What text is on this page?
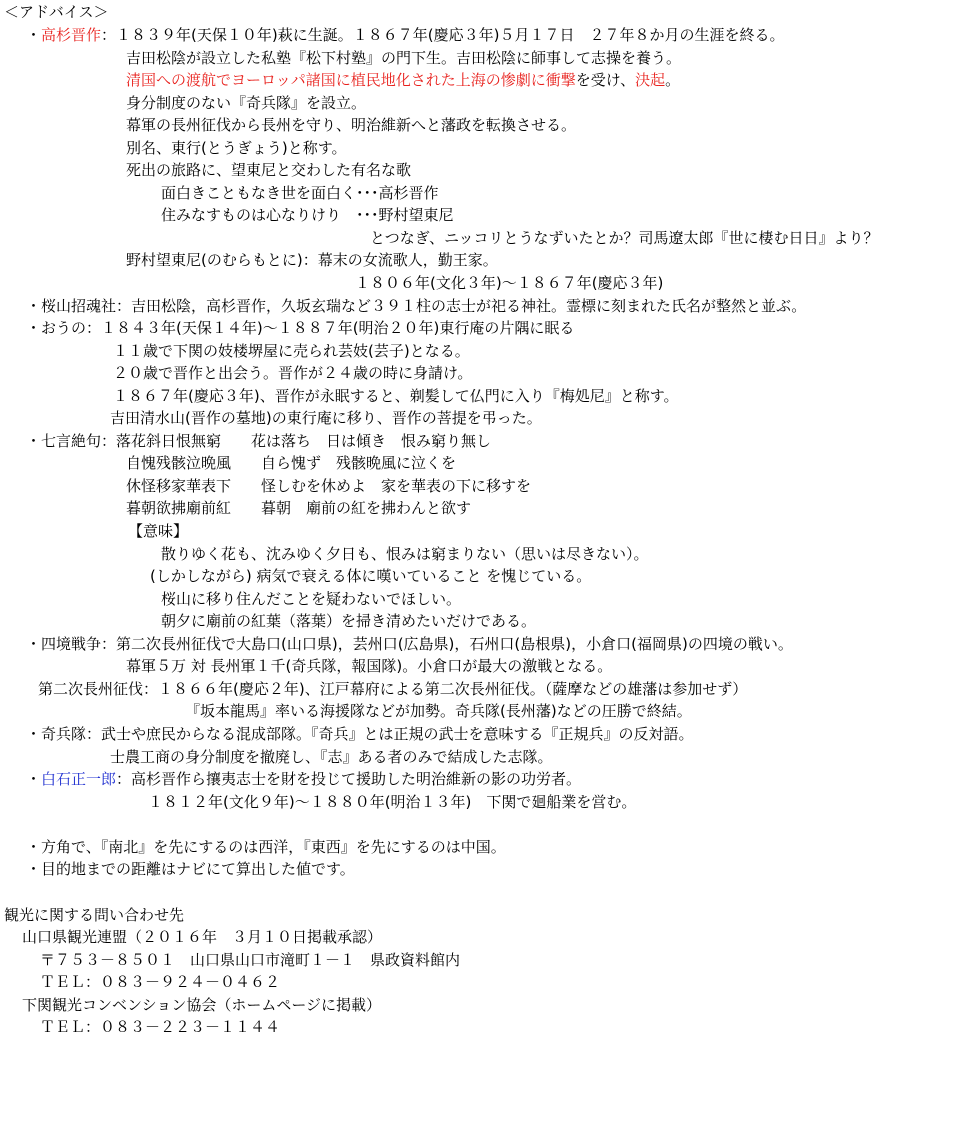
＜アドバイス＞
・高杉晋作：１８３９年(天保１０年)萩に生誕。１８６７年(慶応３年)５月１７日　２７年８か月の生涯を終る。
吉田松陰が設立した私塾『松下村塾』の門下生。吉田松陰に師事して志操を養う。
清国への渡航でヨーロッパ諸国に植民地化された上海の惨劇に衝撃を受け、決起。
身分制度のない『奇兵隊』を設立。
幕軍の長州征伐から長州を守り、明治維新へと藩政を転換させる。
別名、東行(とうぎょう)と称す。
死出の旅路に、望東尼と交わした有名な歌
面白きこともなき世を面白く･･･高杉晋作
住みなすものは心なりけり　･･･野村望東尼
とつなぎ、ニッコリとうなずいたとか？司馬遼太郎『世に棲む日日』より？
野村望東尼(のむらもとに)：幕末の女流歌人，勤王家。
１８０６年(文化３年)～１８６７年(慶応３年)
・桜山招魂社：吉田松陰，高杉晋作，久坂玄瑞など３９１柱の志士が祀る神社。霊標に刻まれた氏名が整然と並ぶ。
・おうの：１８４３年(天保１４年)～１８８７年(明治２０年)東行庵の片隅に眠る
１１歳で下関の妓楼堺屋に売られ芸妓(芸子)となる。
２０歳で晋作と出会う。晋作が２４歳の時に身請け。
１８６７年(慶応３年)、晋作が永眠すると、剃髪して仏門に入り『梅処尼』と称す。
吉田清水山(晋作の墓地)の東行庵に移り、晋作の菩提を弔った。
・七言絶句：落花斜日恨無窮　　花は落ち　日は傾き　恨み窮り無し
自愧残骸泣晩風　　自ら愧ず　残骸晩風に泣くを
休怪移家華表下　　怪しむを休めよ　家を華表の下に移すを
暮朝欲拂廟前紅　　暮朝　廟前の紅を拂わんと欲す
【意味】
散りゆく花も、沈みゆく夕日も、恨みは窮まりない（思いは尽きない）。
(しかしながら) 病気で衰える体に嘆いていること を愧じている。
桜山に移り住んだことを疑わないでほしい。
朝夕に廟前の紅葉（落葉）を掃き清めたいだけである。
・四境戦争：第二次長州征伐で大島口(山口県)，芸州口(広島県)，石州口(島根県)，小倉口(福岡県)の四境の戦い。
幕軍５万 対 長州軍１千(奇兵隊，報国隊)。小倉口が最大の激戦となる。
第二次長州征伐：１８６６年(慶応２年)、江戸幕府による第二次長州征伐。（薩摩などの雄藩は参加せず）
『坂本龍馬』率いる海援隊などが加勢。奇兵隊(長州藩)などの圧勝で終結。
・奇兵隊：武士や庶民からなる混成部隊。『奇兵』とは正規の武士を意味する『正規兵』の反対語。
士農工商の身分制度を撤廃し、『志』ある者のみで結成した志隊。
・白石正一郎：高杉晋作ら攘夷志士を財を投じて援助した明治維新の影の功労者。
１８１２年(文化９年)～１８８０年(明治１３年)　下関で廻船業を営む。
・方角で、『南北』を先にするのは西洋，『東西』を先にするのは中国。
・目的地までの距離はナビにて算出した値です。
観光に関する問い合わせ先
山口県観光連盟（２０１６年　３月１０日掲載承認）
〒７５３－８５０１　山口県山口市滝町１－１　県政資料館内
ＴＥＬ：０８３－９２４－０４６２
下関観光コンベンション協会（ホームページに掲載）
ＴＥＬ：０８３－２２３－１１４４
